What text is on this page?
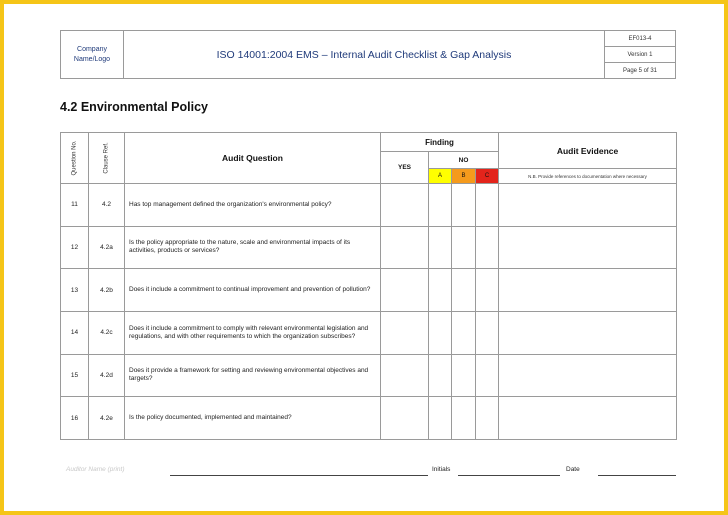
Company Name/Logo	ISO 14001:2004 EMS – Internal Audit Checklist & Gap Analysis	EF013-4
Version 1
Page 5 of 31
4.2 Environmental Policy
Question No.	Clause Ref.	Audit Question	Finding				Audit Evidence
			YES	NO			
				A	B	C	N.B. Provide references to documentation where necessary
11	4.2	Has top management defined the organization's environmental policy?					
12	4.2a	Is the policy appropriate to the nature, scale and environmental impacts of its activities, products or services?					
13	4.2b	Does it include a commitment to continual improvement and prevention of pollution?					
14	4.2c	Does it include a commitment to comply with relevant environmental legislation and regulations, and with other requirements to which the organization subscribes?					
15	4.2d	Does it provide a framework for setting and reviewing environmental objectives and targets?					
16	4.2e	Is the policy documented, implemented and maintained?					
Auditor Name (print)	Initials	Date
